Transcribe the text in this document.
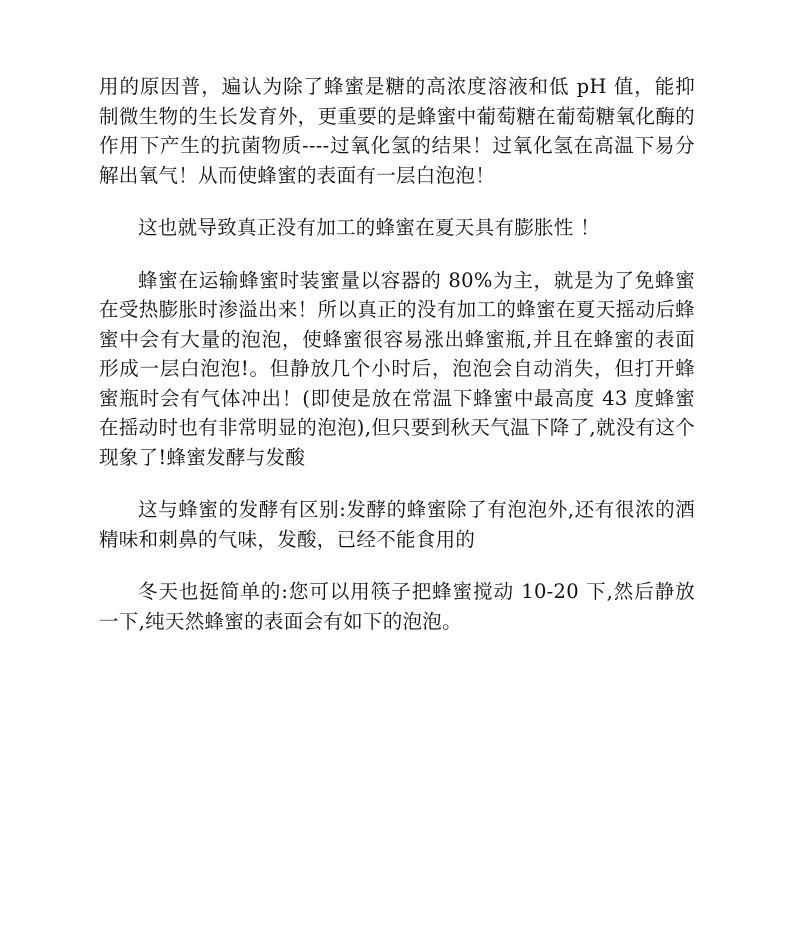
用的原因普，遍认为除了蜂蜜是糖的高浓度溶液和低 pH 值，能抑制微生物的生长发育外，更重要的是蜂蜜中葡萄糖在葡萄糖氧化酶的作用下产生的抗菌物质----过氧化氢的结果！过氧化氢在高温下易分解出氧气！从而使蜂蜜的表面有一层白泡泡！

这也就导致真正没有加工的蜂蜜在夏天具有膨胀性 ！

蜂蜜在运输蜂蜜时装蜜量以容器的 80%为主，就是为了免蜂蜜在受热膨胀时渗溢出来！所以真正的没有加工的蜂蜜在夏天摇动后蜂蜜中会有大量的泡泡，使蜂蜜很容易涨出蜂蜜瓶,并且在蜂蜜的表面形成一层白泡泡!。但静放几个小时后，泡泡会自动消失，但打开蜂蜜瓶时会有气体冲出！(即使是放在常温下蜂蜜中最高度 43 度蜂蜜在摇动时也有非常明显的泡泡),但只要到秋天气温下降了,就没有这个现象了!蜂蜜发酵与发酸

这与蜂蜜的发酵有区别:发酵的蜂蜜除了有泡泡外,还有很浓的酒精味和刺鼻的气味，发酸，已经不能食用的

冬天也挺简单的:您可以用筷子把蜂蜜搅动 10-20 下,然后静放一下,纯天然蜂蜜的表面会有如下的泡泡。
